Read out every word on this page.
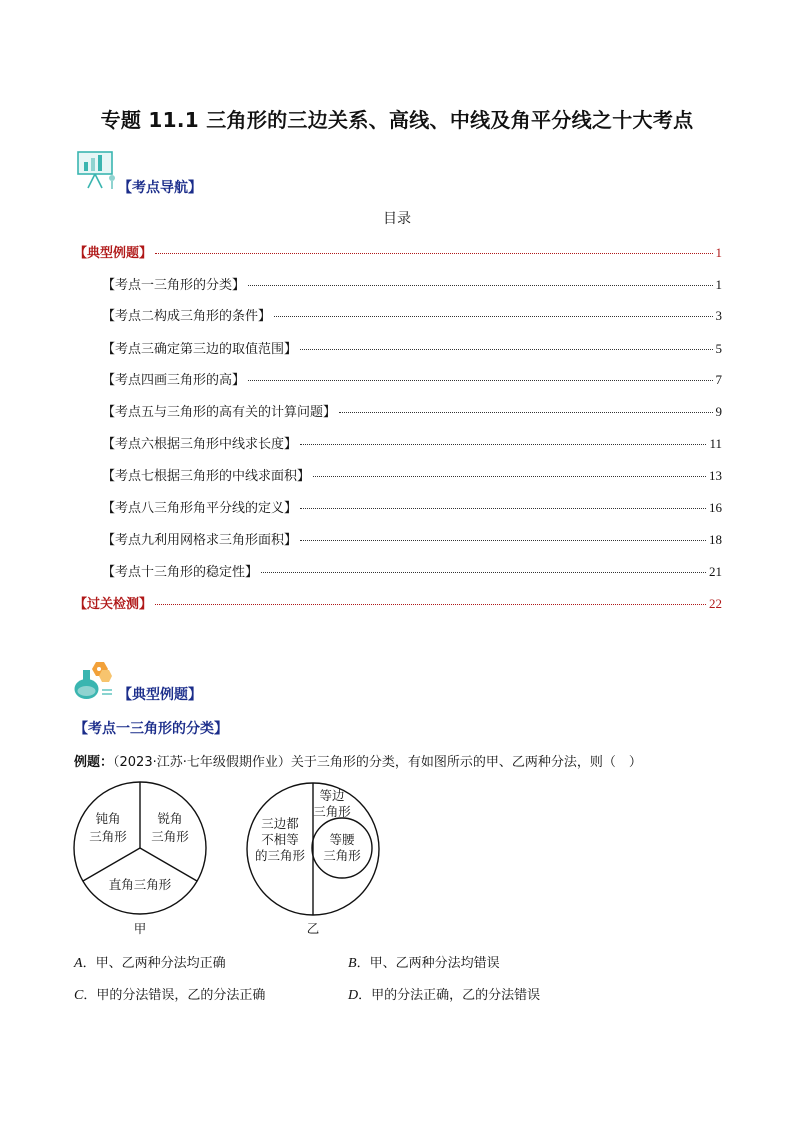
专题 11.1 三角形的三边关系、高线、中线及角平分线之十大考点
【考点导航】
目录
【典型例题】	1
【考点一三角形的分类】	1
【考点二构成三角形的条件】	3
【考点三确定第三边的取值范围】	5
【考点四画三角形的高】	7
【考点五与三角形的高有关的计算问题】	9
【考点六根据三角形中线求长度】	11
【考点七根据三角形的中线求面积】	13
【考点八三角形角平分线的定义】	16
【考点九利用网格求三角形面积】	18
【考点十三角形的稳定性】	21
【过关检测】	22
【典型例题】
【考点一三角形的分类】
例题：（2023·江苏·七年级假期作业）关于三角形的分类，有如图所示的甲、乙两种分法，则（　）
钝角
三角形
锐角
三角形
直角三角形
甲
三边都
不相等
的三角形
等边
三角形
等腰
三角形
乙
A．甲、乙两种分法均正确	B．甲、乙两种分法均错误
C．甲的分法错误，乙的分法正确	D．甲的分法正确，乙的分法错误
